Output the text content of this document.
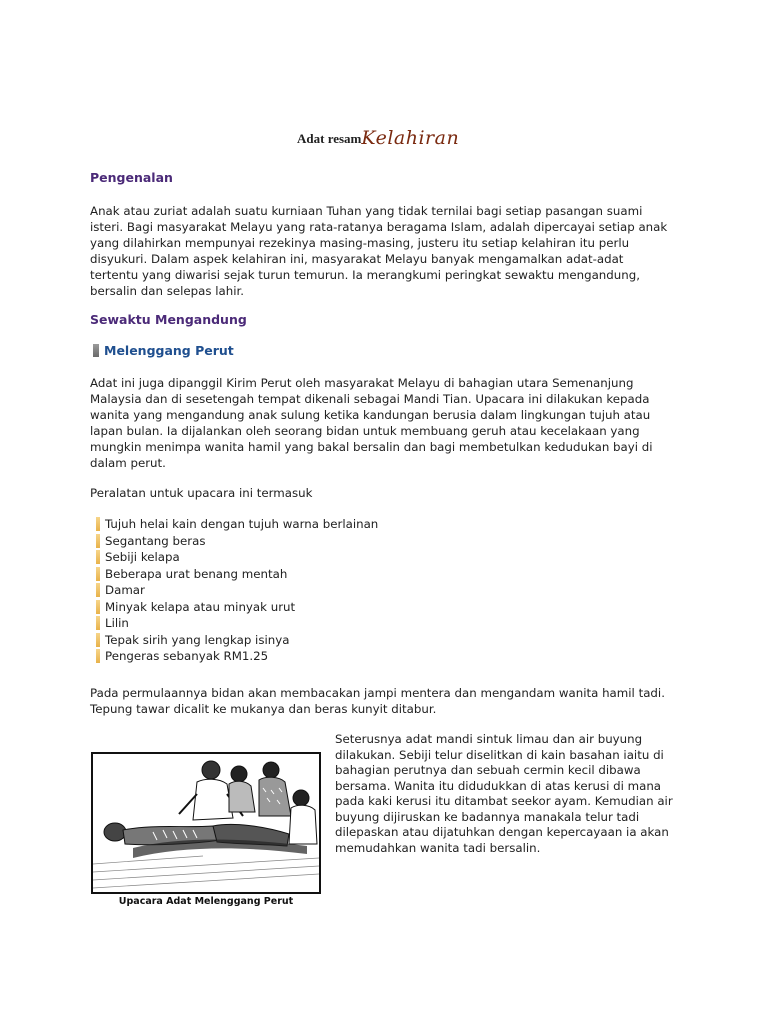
Adat resamKelahiran
Pengenalan

Anak atau zuriat adalah suatu kurniaan Tuhan yang tidak ternilai bagi setiap pasangan suami isteri. Bagi masyarakat Melayu yang rata-ratanya beragama Islam, adalah dipercayai setiap anak yang dilahirkan mempunyai rezekinya masing-masing, justeru itu setiap kelahiran itu perlu disyukuri. Dalam aspek kelahiran ini, masyarakat Melayu banyak mengamalkan adat-adat tertentu yang diwarisi sejak turun temurun. Ia merangkumi peringkat sewaktu mengandung, bersalin dan selepas lahir.

Sewaktu Mengandung
Melenggang Perut

Adat ini juga dipanggil Kirim Perut oleh masyarakat Melayu di bahagian utara Semenanjung Malaysia dan di sesetengah tempat dikenali sebagai Mandi Tian. Upacara ini dilakukan kepada wanita yang mengandung anak sulung ketika kandungan berusia dalam lingkungan tujuh atau lapan bulan. Ia dijalankan oleh seorang bidan untuk membuang geruh atau kecelakaan yang mungkin menimpa wanita hamil yang bakal bersalin dan bagi membetulkan kedudukan bayi di dalam perut.

Peralatan untuk upacara ini termasuk

Tujuh helai kain dengan tujuh warna berlainan
Segantang beras
Sebiji kelapa
Beberapa urat benang mentah
Damar
Minyak kelapa atau minyak urut
Lilin
Tepak sirih yang lengkap isinya
Pengeras sebanyak RM1.25

Pada permulaannya bidan akan membacakan jampi mentera dan mengandam wanita hamil tadi. Tepung tawar dicalit ke mukanya dan beras kunyit ditabur.

Upacara Adat Melenggang Perut

Seterusnya adat mandi sintuk limau dan air buyung dilakukan. Sebiji telur diselitkan di kain basahan iaitu di bahagian perutnya dan sebuah cermin kecil dibawa bersama. Wanita itu didudukkan di atas kerusi di mana pada kaki kerusi itu ditambat seekor ayam. Kemudian air buyung dijiruskan ke badannya manakala telur tadi dilepaskan atau dijatuhkan dengan kepercayaan ia akan memudahkan wanita tadi bersalin.
